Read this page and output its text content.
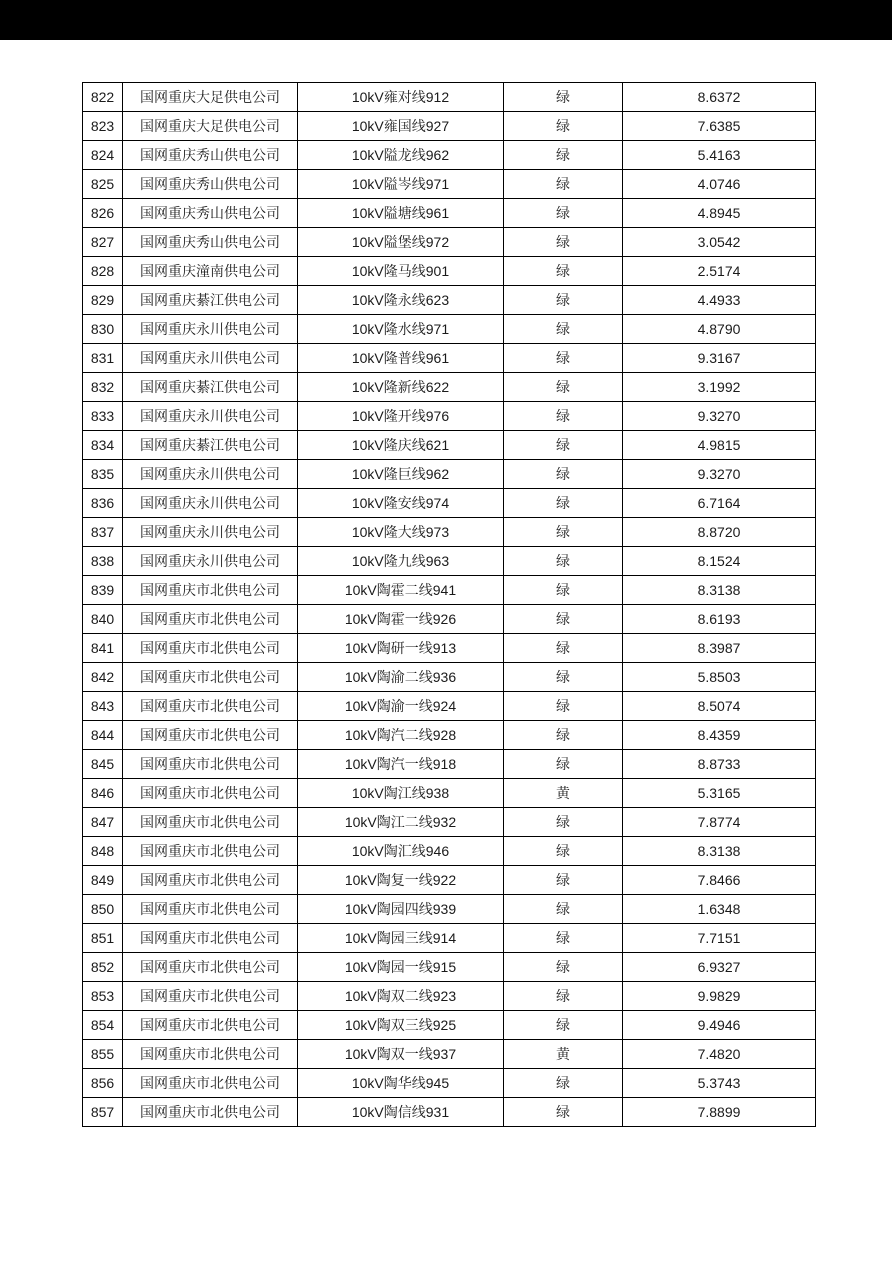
822	国网重庆大足供电公司	10kV雍对线912	绿	8.6372
823	国网重庆大足供电公司	10kV雍国线927	绿	7.6385
824	国网重庆秀山供电公司	10kV隘龙线962	绿	5.4163
825	国网重庆秀山供电公司	10kV隘岑线971	绿	4.0746
826	国网重庆秀山供电公司	10kV隘塘线961	绿	4.8945
827	国网重庆秀山供电公司	10kV隘堡线972	绿	3.0542
828	国网重庆潼南供电公司	10kV隆马线901	绿	2.5174
829	国网重庆綦江供电公司	10kV隆永线623	绿	4.4933
830	国网重庆永川供电公司	10kV隆水线971	绿	4.8790
831	国网重庆永川供电公司	10kV隆普线961	绿	9.3167
832	国网重庆綦江供电公司	10kV隆新线622	绿	3.1992
833	国网重庆永川供电公司	10kV隆开线976	绿	9.3270
834	国网重庆綦江供电公司	10kV隆庆线621	绿	4.9815
835	国网重庆永川供电公司	10kV隆巨线962	绿	9.3270
836	国网重庆永川供电公司	10kV隆安线974	绿	6.7164
837	国网重庆永川供电公司	10kV隆大线973	绿	8.8720
838	国网重庆永川供电公司	10kV隆九线963	绿	8.1524
839	国网重庆市北供电公司	10kV陶霍二线941	绿	8.3138
840	国网重庆市北供电公司	10kV陶霍一线926	绿	8.6193
841	国网重庆市北供电公司	10kV陶研一线913	绿	8.3987
842	国网重庆市北供电公司	10kV陶渝二线936	绿	5.8503
843	国网重庆市北供电公司	10kV陶渝一线924	绿	8.5074
844	国网重庆市北供电公司	10kV陶汽二线928	绿	8.4359
845	国网重庆市北供电公司	10kV陶汽一线918	绿	8.8733
846	国网重庆市北供电公司	10kV陶江线938	黄	5.3165
847	国网重庆市北供电公司	10kV陶江二线932	绿	7.8774
848	国网重庆市北供电公司	10kV陶汇线946	绿	8.3138
849	国网重庆市北供电公司	10kV陶复一线922	绿	7.8466
850	国网重庆市北供电公司	10kV陶园四线939	绿	1.6348
851	国网重庆市北供电公司	10kV陶园三线914	绿	7.7151
852	国网重庆市北供电公司	10kV陶园一线915	绿	6.9327
853	国网重庆市北供电公司	10kV陶双二线923	绿	9.9829
854	国网重庆市北供电公司	10kV陶双三线925	绿	9.4946
855	国网重庆市北供电公司	10kV陶双一线937	黄	7.4820
856	国网重庆市北供电公司	10kV陶华线945	绿	5.3743
857	国网重庆市北供电公司	10kV陶信线931	绿	7.8899
